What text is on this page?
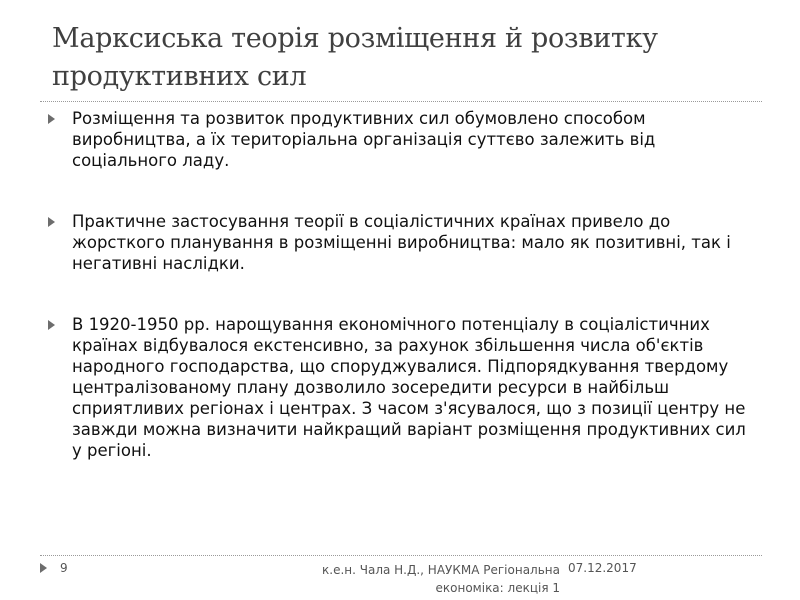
Марксиська теорія розміщення й розвитку продуктивних сил
Розміщення та розвиток продуктивних сил обумовлено способом виробництва, а їх територіальна організація суттєво залежить від соціального ладу.
Практичне застосування теорії в соціалістичних країнах привело до жорсткого планування в розміщенні виробництва: мало як позитивні, так і негативні наслідки.
В 1920-1950 рр. нарощування економічного потенціалу в соціалістичних країнах відбувалося екстенсивно, за рахунок збільшення числа об'єктів народного господарства, що споруджувалися. Підпорядкування твердому централізованому плану дозволило зосередити ресурси в найбільш сприятливих регіонах і центрах. З часом з'ясувалося, що з позиції центру не завжди можна визначити найкращий варіант розміщення продуктивних сил у регіоні.
9	к.е.н. Чала Н.Д., НАУКМА Регіональна економіка: лекція 1
07.12.2017
